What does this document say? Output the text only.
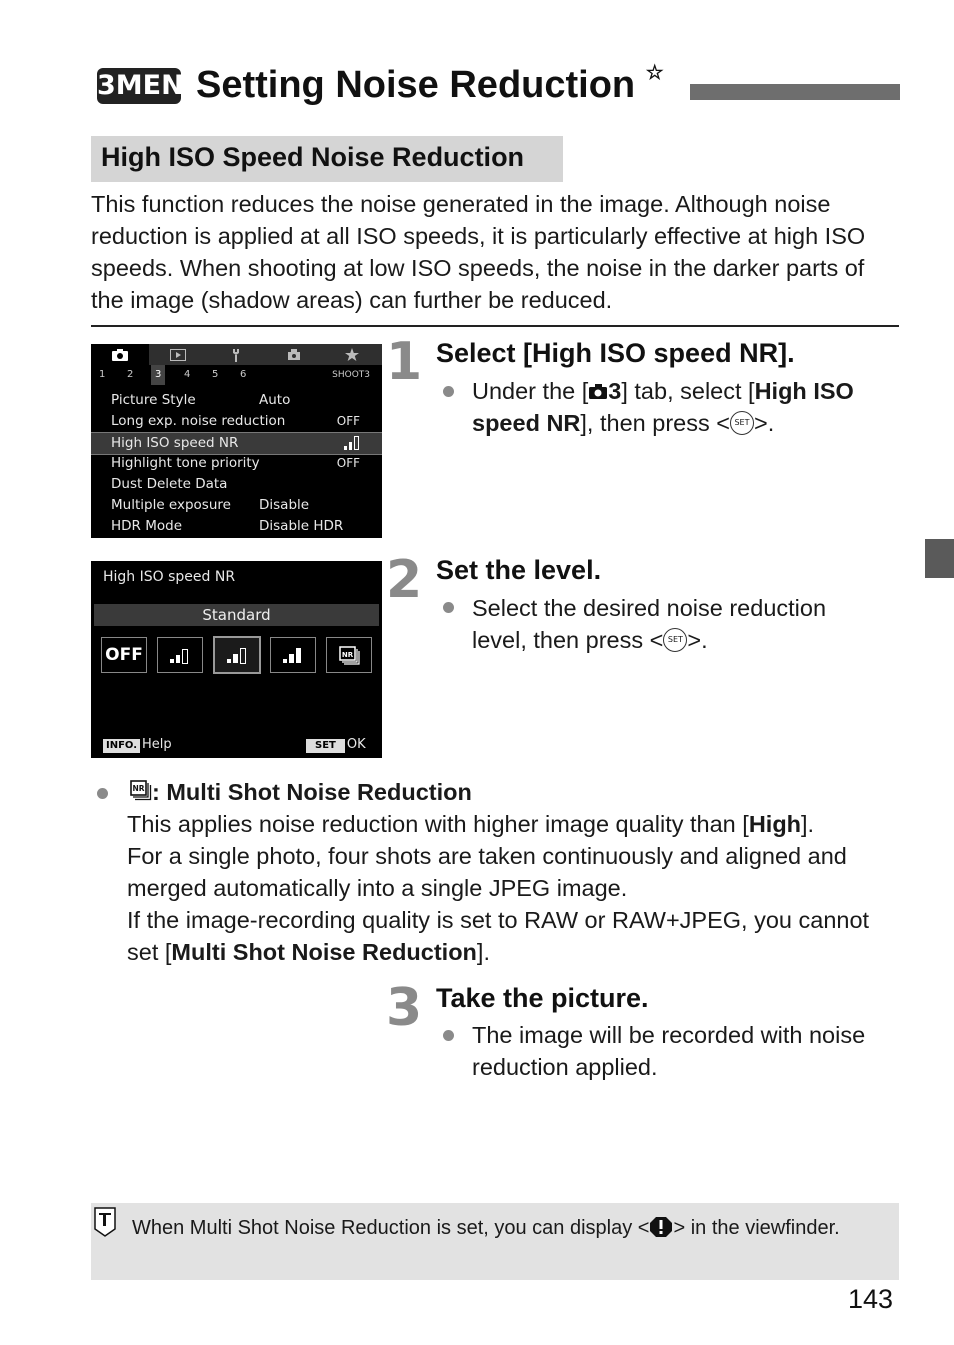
3MENU
Setting Noise Reduction ☆
High ISO Speed Noise Reduction
This function reduces the noise generated in the image. Although noise reduction is applied at all ISO speeds, it is particularly effective at high ISO speeds. When shooting at low ISO speeds, the noise in the darker parts of the image (shadow areas) can further be reduced.
1 2	3	4 5 6	SHOOT3
Picture Style	Auto
Long exp. noise reduction	OFF
High ISO speed NR
Highlight tone priority	OFF
Dust Delete Data
Multiple exposure Disable
HDR Mode	Disable HDR
High ISO speed NR
Standard
OFF	NR
INFO. Help	SET OK
1 Select [High ISO speed NR].
Under the [ 3] tab, select [High ISO speed NR], then press < SET >.
2 Set the level.
Select the desired noise reduction level, then press < SET >.
NR : Multi Shot Noise Reduction
This applies noise reduction with higher image quality than [High].
For a single photo, four shots are taken continuously and aligned and merged automatically into a single JPEG image.
If the image-recording quality is set to RAW or RAW+JPEG, you cannot set [Multi Shot Noise Reduction].
3 Take the picture.
The image will be recorded with noise reduction applied.
When Multi Shot Noise Reduction is set, you can display < > in the viewfinder.
143
